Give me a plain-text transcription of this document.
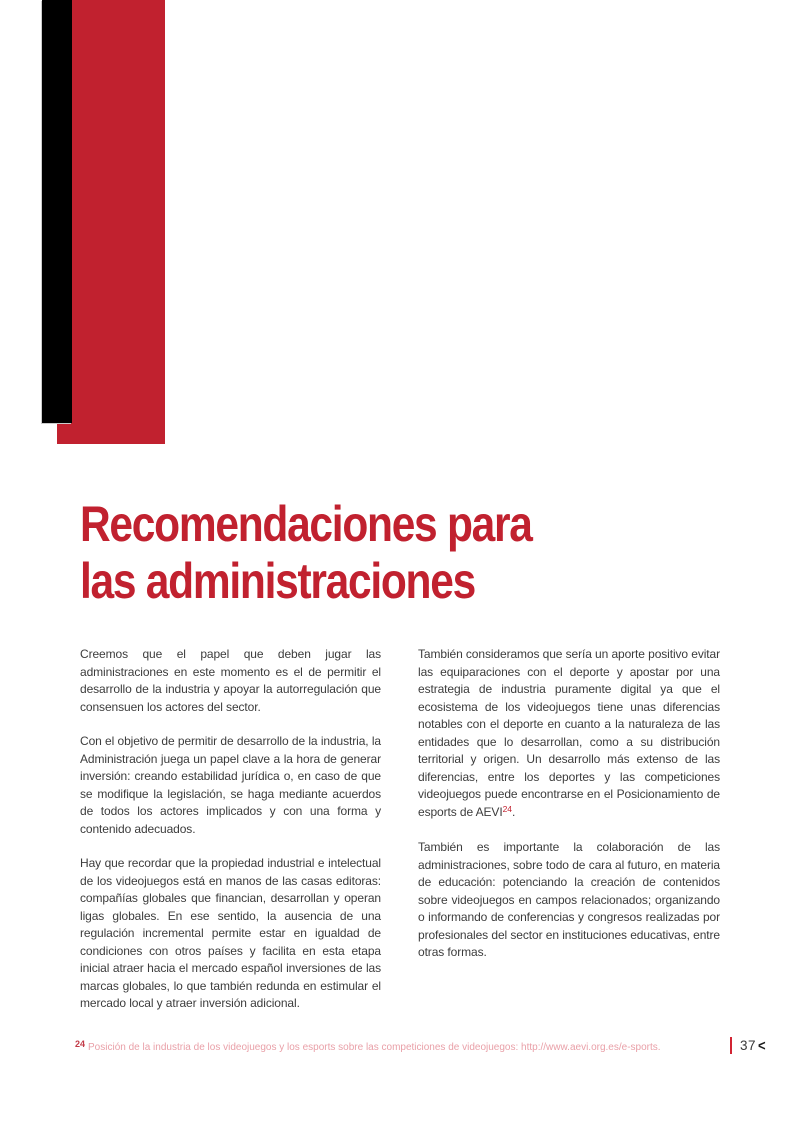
Recomendaciones para
las administraciones

Creemos que el papel que deben jugar las administraciones en este momento es el de permitir el desarrollo de la industria y apoyar la autorregulación que consensuen los actores del sector.

Con el objetivo de permitir de desarrollo de la industria, la Administración juega un papel clave a la hora de generar inversión: creando estabilidad jurídica o, en caso de que se modifique la legislación, se haga mediante acuerdos de todos los actores implicados y con una forma y contenido adecuados.

Hay que recordar que la propiedad industrial e intelectual de los videojuegos está en manos de las casas editoras: compañías globales que financian, desarrollan y operan ligas globales. En ese sentido, la ausencia de una regulación incremental permite estar en igualdad de condiciones con otros países y facilita en esta etapa inicial atraer hacia el mercado español inversiones de las marcas globales, lo que también redunda en estimular el mercado local y atraer inversión adicional.

También consideramos que sería un aporte positivo evitar las equiparaciones con el deporte y apostar por una estrategia de industria puramente digital ya que el ecosistema de los videojuegos tiene unas diferencias notables con el deporte en cuanto a la naturaleza de las entidades que lo desarrollan, como a su distribución territorial y origen. Un desarrollo más extenso de las diferencias, entre los deportes y las competiciones videojuegos puede encontrarse en el Posicionamiento de esports de AEVI$^{24}$.

También es importante la colaboración de las administraciones, sobre todo de cara al futuro, en materia de educación: potenciando la creación de contenidos sobre videojuegos en campos relacionados; organizando o informando de conferencias y congresos realizadas por profesionales del sector en instituciones educativas, entre otras formas.

24 Posición de la industria de los videojuegos y los esports sobre las competiciones de videojuegos: http://www.aevi.org.es/e-sports.	37 <
